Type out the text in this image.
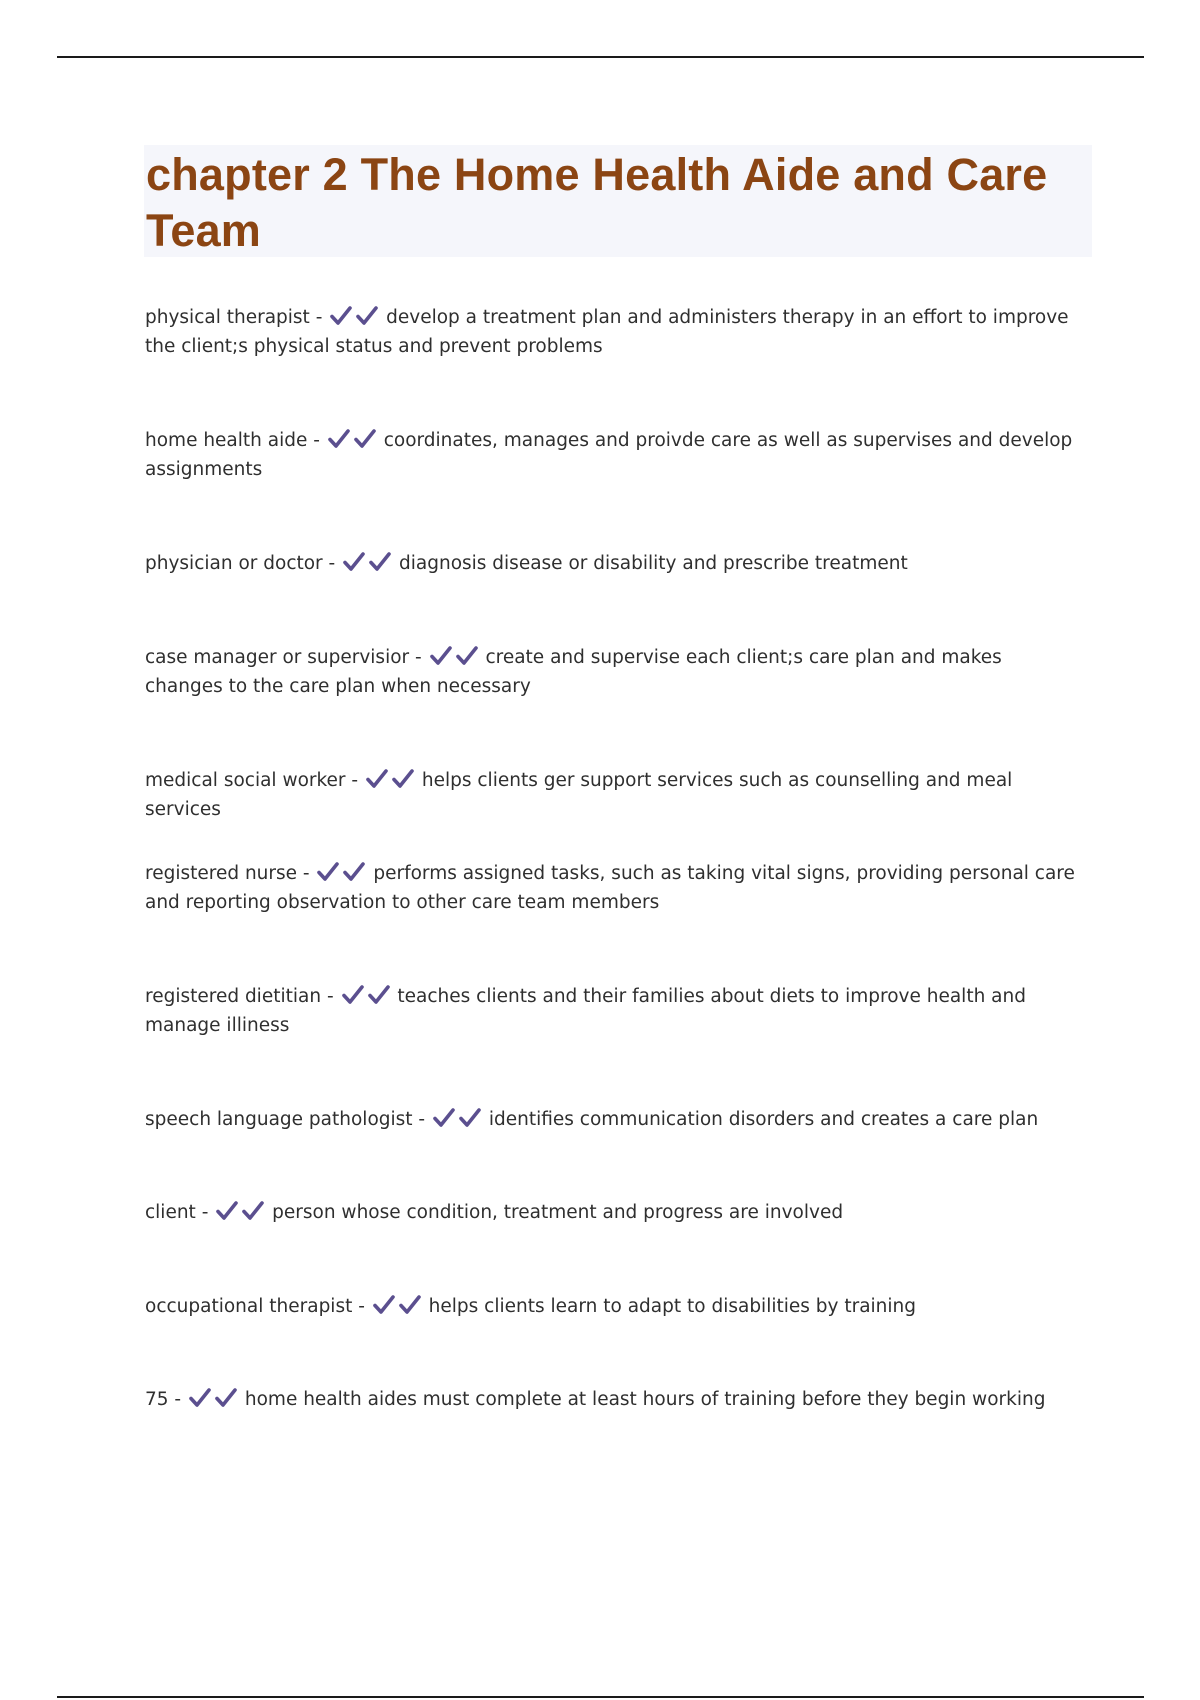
chapter 2 The Home Health Aide and Care Team
physical therapist -	develop a treatment plan and administers therapy in an effort to improve the client;s physical status and prevent problems
home health aide -	coordinates, manages and proivde care as well as supervises and develop assignments
physician or doctor -	diagnosis disease or disability and prescribe treatment
case manager or supervisior -	create and supervise each client;s care plan and makes changes to the care plan when necessary
medical social worker -	helps clients ger support services such as counselling and meal services
registered nurse -	performs assigned tasks, such as taking vital signs, providing personal care and reporting observation to other care team members
registered dietitian -	teaches clients and their families about diets to improve health and manage illiness
speech language pathologist -	identifies communication disorders and creates a care plan
client -	person whose condition, treatment and progress are involved
occupational therapist -	helps clients learn to adapt to disabilities by training
75 -	home health aides must complete at least hours of training before they begin working
